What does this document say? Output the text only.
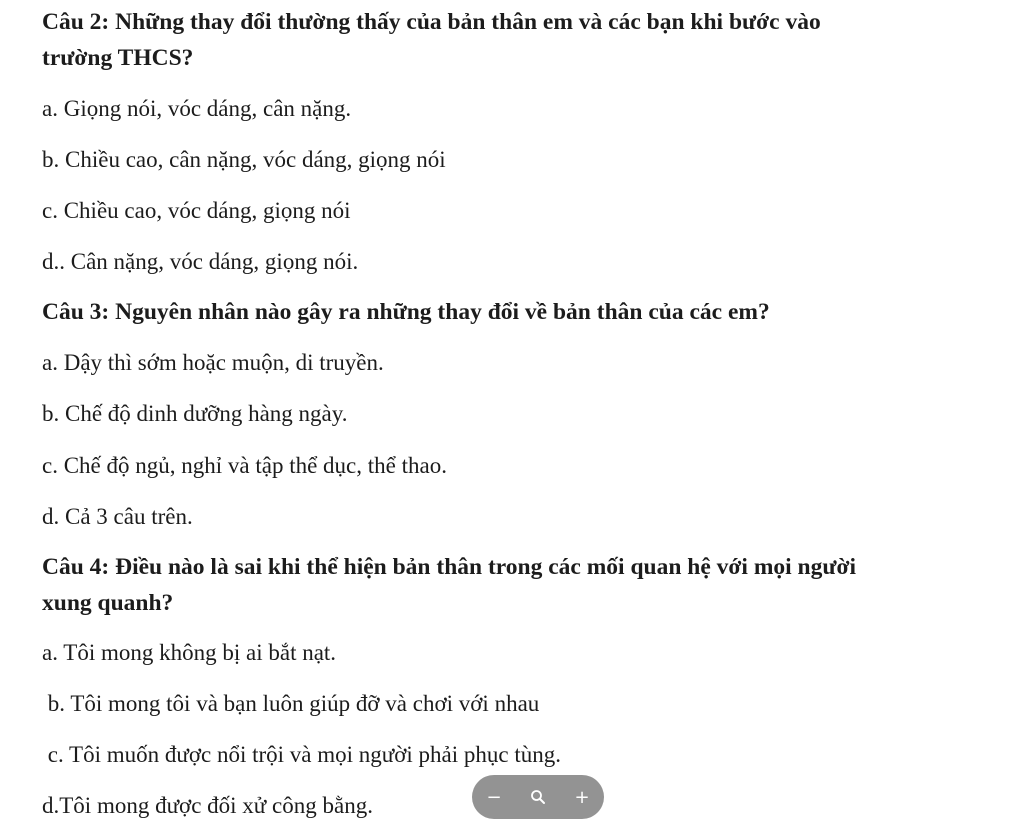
Câu 2: Những thay đổi thường thấy của bản thân em và các bạn khi bước vào
trường THCS?
a. Giọng nói, vóc dáng, cân nặng.
b. Chiều cao, cân nặng, vóc dáng, giọng nói
c. Chiều cao, vóc dáng, giọng nói
d.. Cân nặng, vóc dáng, giọng nói.
Câu 3: Nguyên nhân nào gây ra những thay đổi về bản thân của các em?
a. Dậy thì sớm hoặc muộn, di truyền.
b. Chế độ dinh dưỡng hàng ngày.
c. Chế độ ngủ, nghỉ và tập thể dục, thể thao.
d. Cả 3 câu trên.
Câu 4: Điều nào là sai khi thể hiện bản thân trong các mối quan hệ với mọi người
xung quanh?
a. Tôi mong không bị ai bắt nạt.
b. Tôi mong tôi và bạn luôn giúp đỡ và chơi với nhau
c. Tôi muốn được nổi trội và mọi người phải phục tùng.
d.Tôi mong được đối xử công bằng.	−	+
